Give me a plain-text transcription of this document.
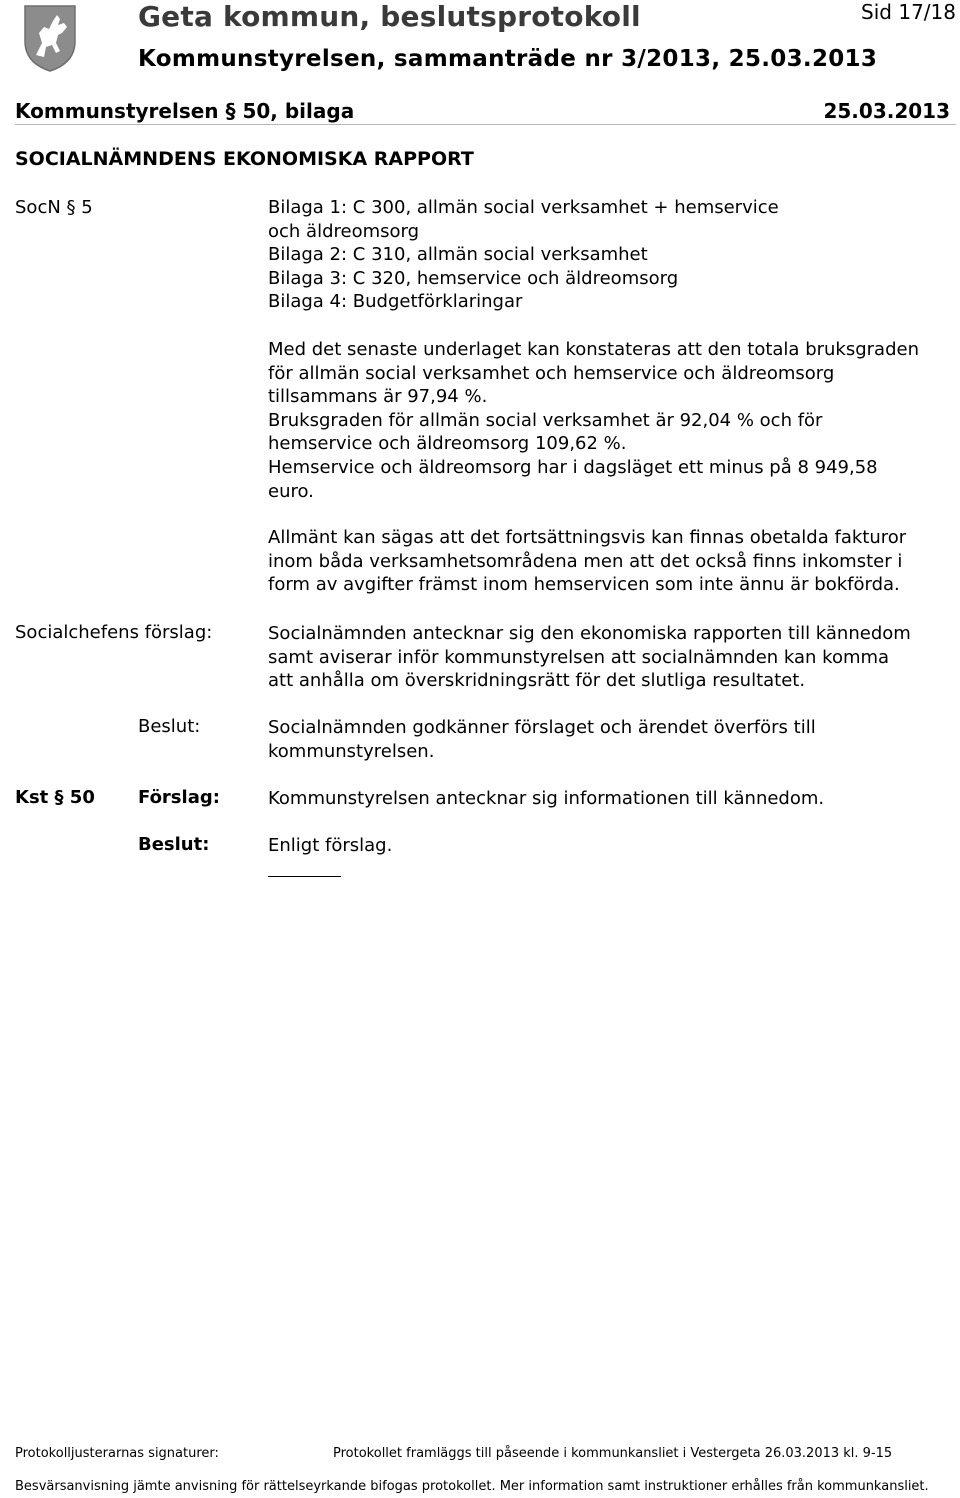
Geta kommun, beslutsprotokoll	Sid 17/18
Kommunstyrelsen, sammanträde nr 3/2013, 25.03.2013
Kommunstyrelsen § 50, bilaga	25.03.2013
SOCIALNÄMNDENS EKONOMISKA RAPPORT
SocN § 5	Bilaga 1: C 300, allmän social verksamhet + hemservice
och äldreomsorg
Bilaga 2: C 310, allmän social verksamhet
Bilaga 3: C 320, hemservice och äldreomsorg
Bilaga 4: Budgetförklaringar
Med det senaste underlaget kan konstateras att den totala bruksgraden
för allmän social verksamhet och hemservice och äldreomsorg
tillsammans är 97,94 %.
Bruksgraden för allmän social verksamhet är 92,04 % och för
hemservice och äldreomsorg 109,62 %.
Hemservice och äldreomsorg har i dagsläget ett minus på 8 949,58
euro.
Allmänt kan sägas att det fortsättningsvis kan finnas obetalda fakturor
inom båda verksamhetsområdena men att det också finns inkomster i
form av avgifter främst inom hemservicen som inte ännu är bokförda.
Socialchefens förslag:	Socialnämnden antecknar sig den ekonomiska rapporten till kännedom
samt aviserar inför kommunstyrelsen att socialnämnden kan komma
att anhålla om överskridningsrätt för det slutliga resultatet.
Beslut:	Socialnämnden godkänner förslaget och ärendet överförs till
kommunstyrelsen.
Kst § 50 Förslag:	Kommunstyrelsen antecknar sig informationen till kännedom.
Beslut:	Enligt förslag.
Protokolljusterarnas signaturer:	Protokollet framläggs till påseende i kommunkansliet i Vestergeta 26.03.2013 kl. 9-15
Besvärsanvisning jämte anvisning för rättelseyrkande bifogas protokollet. Mer information samt instruktioner erhålles från kommunkansliet.
